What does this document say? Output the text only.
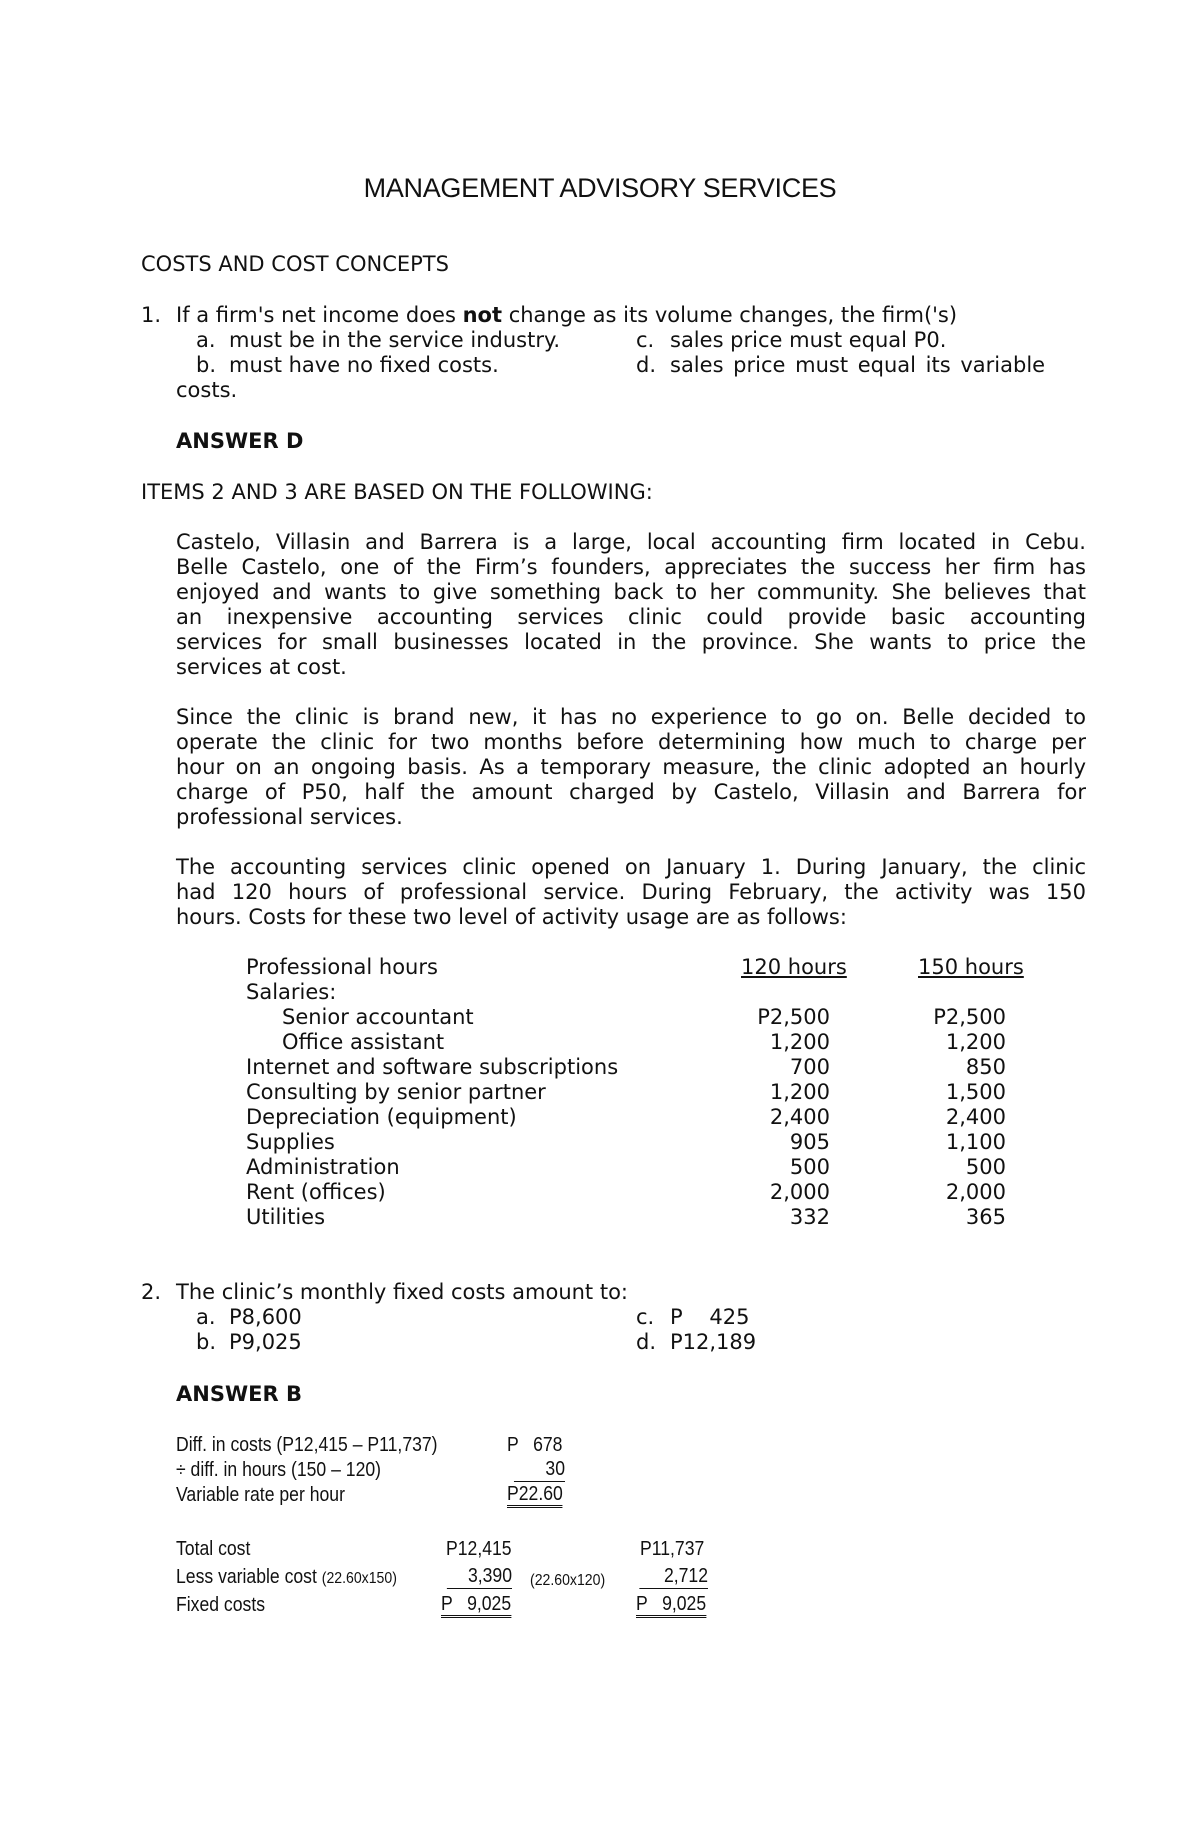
MANAGEMENT ADVISORY SERVICES
COSTS AND COST CONCEPTS
1. If a firm's net income does not change as its volume changes, the firm('s)
a. must be in the service industry.	c. sales price must equal P0.
b. must have no fixed costs.	d. sales price must equal its variable
costs.
ANSWER D
ITEMS 2 AND 3 ARE BASED ON THE FOLLOWING:
Castelo, Villasin and Barrera is a large, local accounting firm located in Cebu.
Belle Castelo, one of the Firm’s founders, appreciates the success her firm has
enjoyed and wants to give something back to her community. She believes that
an inexpensive accounting services clinic could provide basic accounting
services for small businesses located in the province. She wants to price the
services at cost.
Since the clinic is brand new, it has no experience to go on. Belle decided to
operate the clinic for two months before determining how much to charge per
hour on an ongoing basis. As a temporary measure, the clinic adopted an hourly
charge of P50, half the amount charged by Castelo, Villasin and Barrera for
professional services.
The accounting services clinic opened on January 1. During January, the clinic
had 120 hours of professional service. During February, the activity was 150
hours. Costs for these two level of activity usage are as follows:
Professional hours	120 hours	150 hours
Salaries:
Senior accountant	P2,500	P2,500
Office assistant	1,200	1,200
Internet and software subscriptions	700	850
Consulting by senior partner	1,200	1,500
Depreciation (equipment)	2,400	2,400
Supplies	905	1,100
Administration	500	500
Rent (offices)	2,000	2,000
Utilities	332	365
2. The clinic’s monthly fixed costs amount to:
a. P8,600	c. P    425
b. P9,025	d. P12,189
ANSWER B
Diff. in costs (P12,415 – P11,737)	P   678
÷ diff. in hours (150 – 120)	30
Variable rate per hour	P22.60
Total cost	P12,415	P11,737
Less variable cost (22.60x150)	3,390 (22.60x120)	2,712
Fixed costs	P   9,025	P   9,025
